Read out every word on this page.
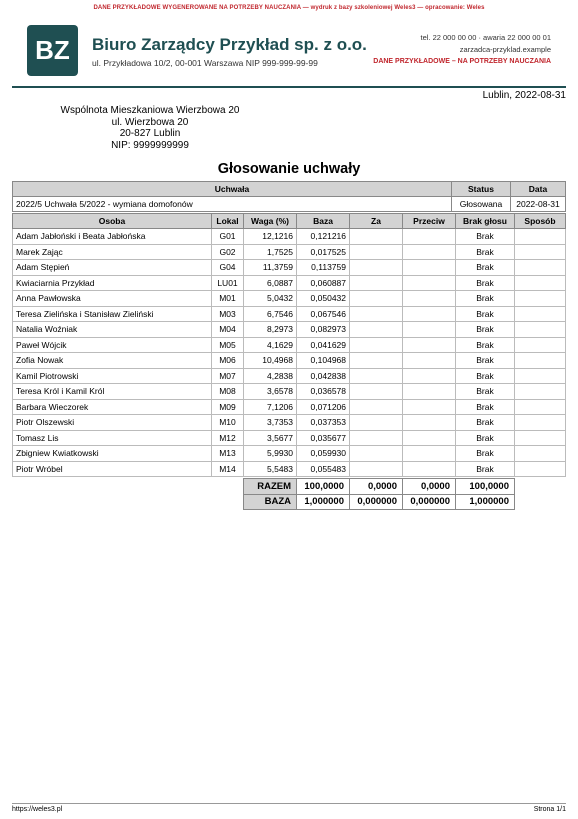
DANE PRZYKŁADOWE WYGENEROWANE NA POTRZEBY NAUCZANIA — wydruk z bazy szkoleniowej Weles3 — opracowanie: Weles
BZ	Biuro Zarządcy Przykład sp. z o.o.
ul. Przykładowa 10/2, 00-001 Warszawa NIP 999-999-99-99
tel. 22 000 00 00 · awaria 22 000 00 01
zarzadca-przyklad.example
DANE PRZYKŁADOWE – NA POTRZEBY NAUCZANIA
Lublin, 2022-08-31
Wspólnota Mieszkaniowa Wierzbowa 20
ul. Wierzbowa 20
20-827 Lublin
NIP: 9999999999
Głosowanie uchwały
Uchwała	Status	Data
2022/5 Uchwała 5/2022 - wymiana domofonów	Głosowana	2022-08-31
Osoba	Lokal	Waga (%)	Baza	Za	Przeciw	Brak głosu	Sposób
Adam Jabłoński i Beata Jabłońska	G01	12,1216	0,121216			Brak	
Marek Zając	G02	1,7525	0,017525			Brak	
Adam Stępień	G04	11,3759	0,113759			Brak	
Kwiaciarnia Przykład	LU01	6,0887	0,060887			Brak	
Anna Pawłowska	M01	5,0432	0,050432			Brak	
Teresa Zielińska i Stanisław Zieliński	M03	6,7546	0,067546			Brak	
Natalia Woźniak	M04	8,2973	0,082973			Brak	
Paweł Wójcik	M05	4,1629	0,041629			Brak	
Zofia Nowak	M06	10,4968	0,104968			Brak	
Kamil Piotrowski	M07	4,2838	0,042838			Brak	
Teresa Król i Kamil Król	M08	3,6578	0,036578			Brak	
Barbara Wieczorek	M09	7,1206	0,071206			Brak	
Piotr Olszewski	M10	3,7353	0,037353			Brak	
Tomasz Lis	M12	3,5677	0,035677			Brak	
Zbigniew Kwiatkowski	M13	5,9930	0,059930			Brak	
Piotr Wróbel	M14	5,5483	0,055483			Brak	
RAZEM	100,0000	0,0000	0,0000	100,0000
BAZA	1,000000	0,000000	0,000000	1,000000
https://weles3.pl	Strona 1/1
